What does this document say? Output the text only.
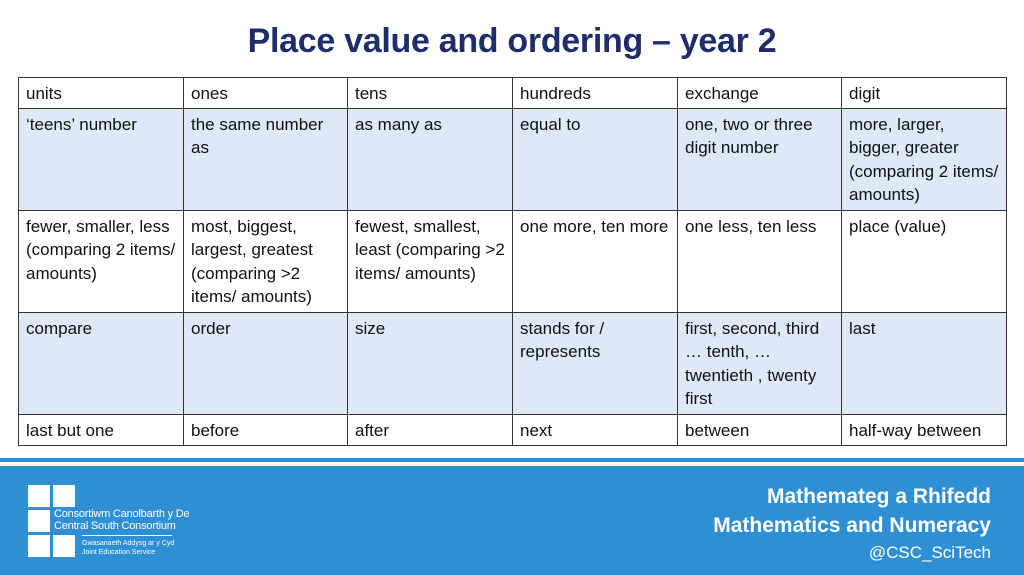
Place value and ordering – year 2
units	ones	tens	hundreds	exchange	digit
‘teens’ number	the same number as	as many as	equal to	one, two or three digit number	more, larger, bigger, greater (comparing 2 items/ amounts)
fewer, smaller, less (comparing 2 items/ amounts)	most, biggest, largest, greatest (comparing >2 items/ amounts)	fewest, smallest, least (comparing >2 items/ amounts)	one more, ten more	one less, ten less	place (value)
compare	order	size	stands for / represents	first, second, third … tenth, … twentieth , twenty first	last
last but one	before	after	next	between	half-way between
Consortiwm Canolbarth y De
Central South Consortium
Gwasanaeth Addysg ar y Cyd
Joint Education Service
Mathemateg a Rhifedd
Mathematics and Numeracy
@CSC_SciTech
